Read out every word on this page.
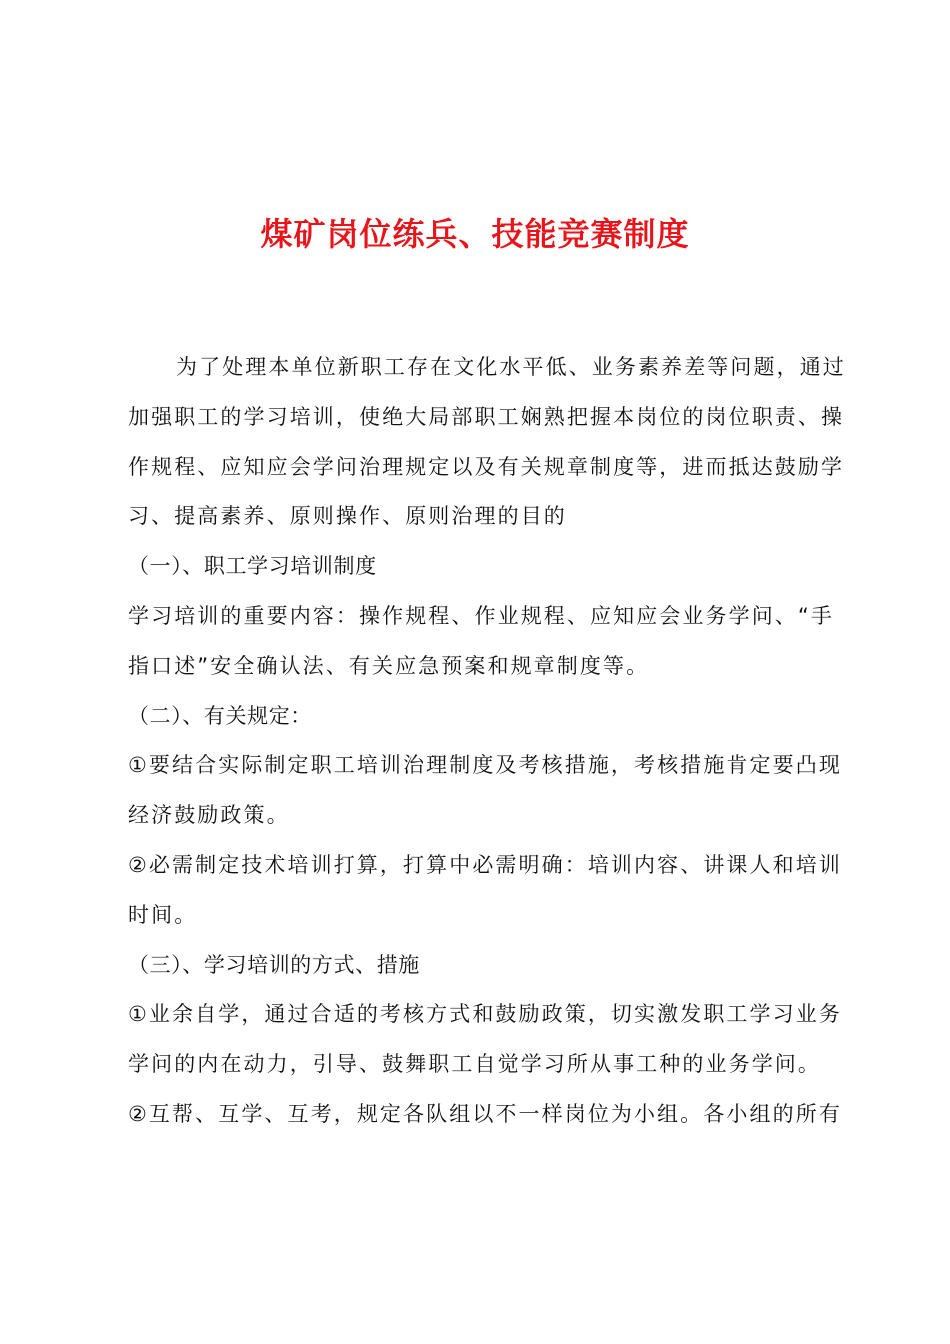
煤矿岗位练兵、技能竞赛制度
为了处理本单位新职工存在文化水平低、业务素养差等问题，通过
加强职工的学习培训，使绝大局部职工娴熟把握本岗位的岗位职责、操
作规程、应知应会学问治理规定以及有关规章制度等，进而抵达鼓励学
习、提高素养、原则操作、原则治理的目的
（一）、职工学习培训制度
学习培训的重要内容：操作规程、作业规程、应知应会业务学问、“手
指口述”安全确认法、有关应急预案和规章制度等。
（二）、有关规定：
①要结合实际制定职工培训治理制度及考核措施，考核措施肯定要凸现
经济鼓励政策。
②必需制定技术培训打算，打算中必需明确：培训内容、讲课人和培训
时间。
（三）、学习培训的方式、措施
①业余自学，通过合适的考核方式和鼓励政策，切实激发职工学习业务
学问的内在动力，引导、鼓舞职工自觉学习所从事工种的业务学问。
②互帮、互学、互考，规定各队组以不一样岗位为小组。各小组的所有
